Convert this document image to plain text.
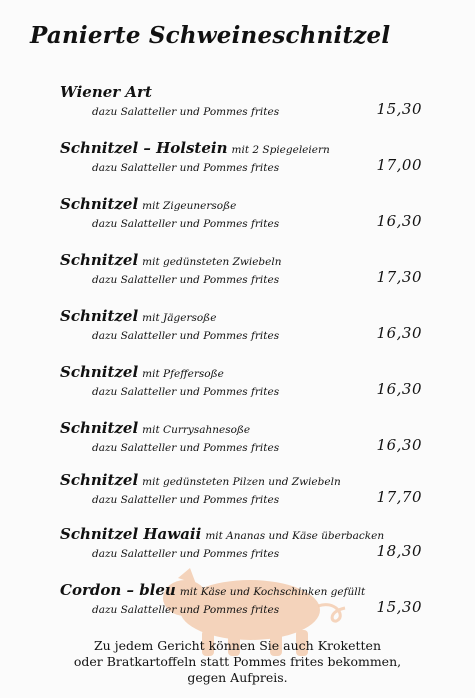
Panierte Schweineschnitzel
Wiener Art
dazu Salatteller und Pommes frites	15,30
Schnitzel – Holstein mit 2 Spiegeleiern
dazu Salatteller und Pommes frites	17,00
Schnitzel mit Zigeunersoße
dazu Salatteller und Pommes frites	16,30
Schnitzel mit gedünsteten Zwiebeln
dazu Salatteller und Pommes frites	17,30
Schnitzel mit Jägersoße
dazu Salatteller und Pommes frites	16,30
Schnitzel mit Pfeffersoße
dazu Salatteller und Pommes frites	16,30
Schnitzel mit Currysahnesoße
dazu Salatteller und Pommes frites	16,30
Schnitzel mit gedünsteten Pilzen und Zwiebeln
dazu Salatteller und Pommes frites	17,70
Schnitzel Hawaii mit Ananas und Käse überbacken
dazu Salatteller und Pommes frites	18,30
Cordon – bleu mit Käse und Kochschinken gefüllt
dazu Salatteller und Pommes frites	15,30
Zu jedem Gericht können Sie auch Kroketten
oder Bratkartoffeln statt Pommes frites bekommen,
gegen Aufpreis.
